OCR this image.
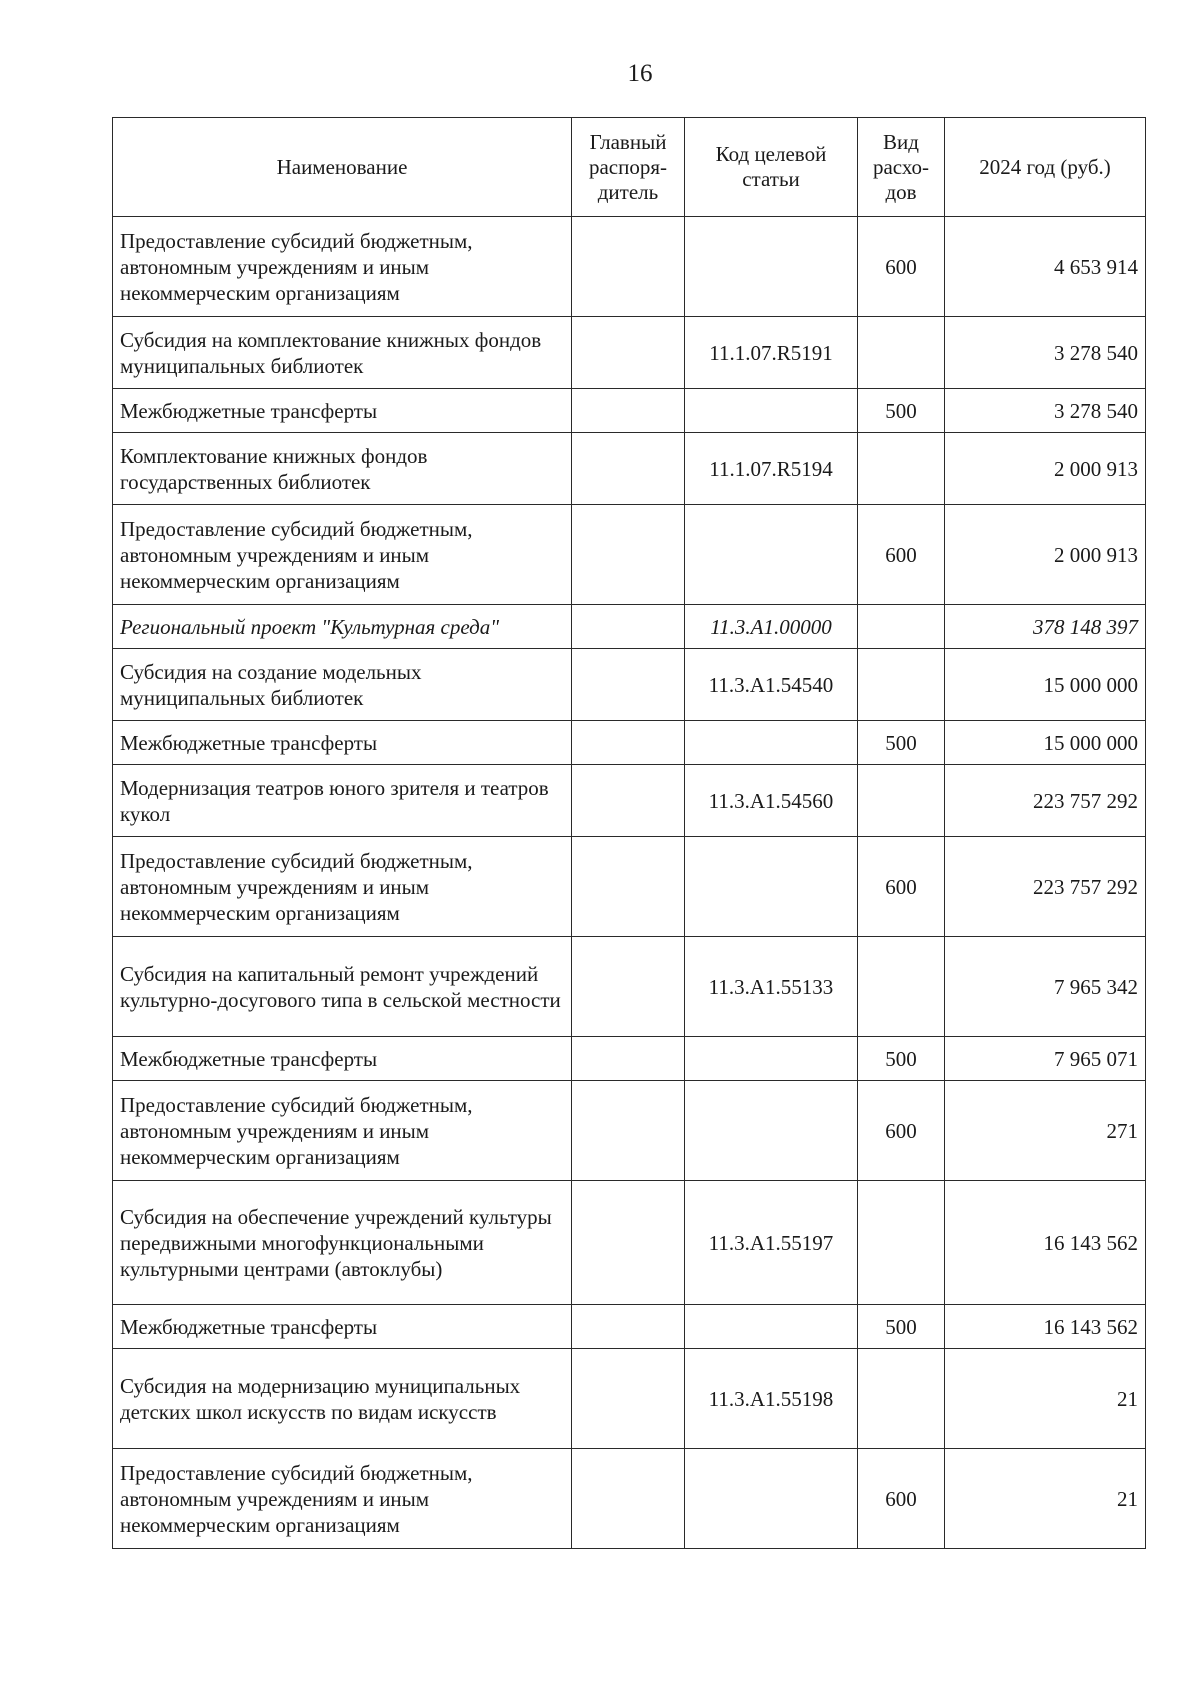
16
Наименование	Главный распоря-дитель	Код целевой статьи	Вид расхо-дов	2024 год (руб.)
Предоставление субсидий бюджетным, автономным учреждениям и иным некоммерческим организациям			600	4 653 914
Субсидия на комплектование книжных фондов муниципальных библиотек		11.1.07.R5191		3 278 540
Межбюджетные трансферты			500	3 278 540
Комплектование книжных фондов государственных библиотек		11.1.07.R5194		2 000 913
Предоставление субсидий бюджетным, автономным учреждениям и иным некоммерческим организациям			600	2 000 913
Региональный проект "Культурная среда"		11.3.А1.00000		378 148 397
Субсидия на создание модельных муниципальных библиотек		11.3.А1.54540		15 000 000
Межбюджетные трансферты			500	15 000 000
Модернизация театров юного зрителя и театров кукол		11.3.А1.54560		223 757 292
Предоставление субсидий бюджетным, автономным учреждениям и иным некоммерческим организациям			600	223 757 292
Субсидия на капитальный ремонт учреждений культурно-досугового типа в сельской местности		11.3.А1.55133		7 965 342
Межбюджетные трансферты			500	7 965 071
Предоставление субсидий бюджетным, автономным учреждениям и иным некоммерческим организациям			600	271
Субсидия на обеспечение учреждений культуры передвижными многофункциональными культурными центрами (автоклубы)		11.3.А1.55197		16 143 562
Межбюджетные трансферты			500	16 143 562
Субсидия на модернизацию муниципальных детских школ искусств по видам искусств		11.3.А1.55198		21
Предоставление субсидий бюджетным, автономным учреждениям и иным некоммерческим организациям			600	21
